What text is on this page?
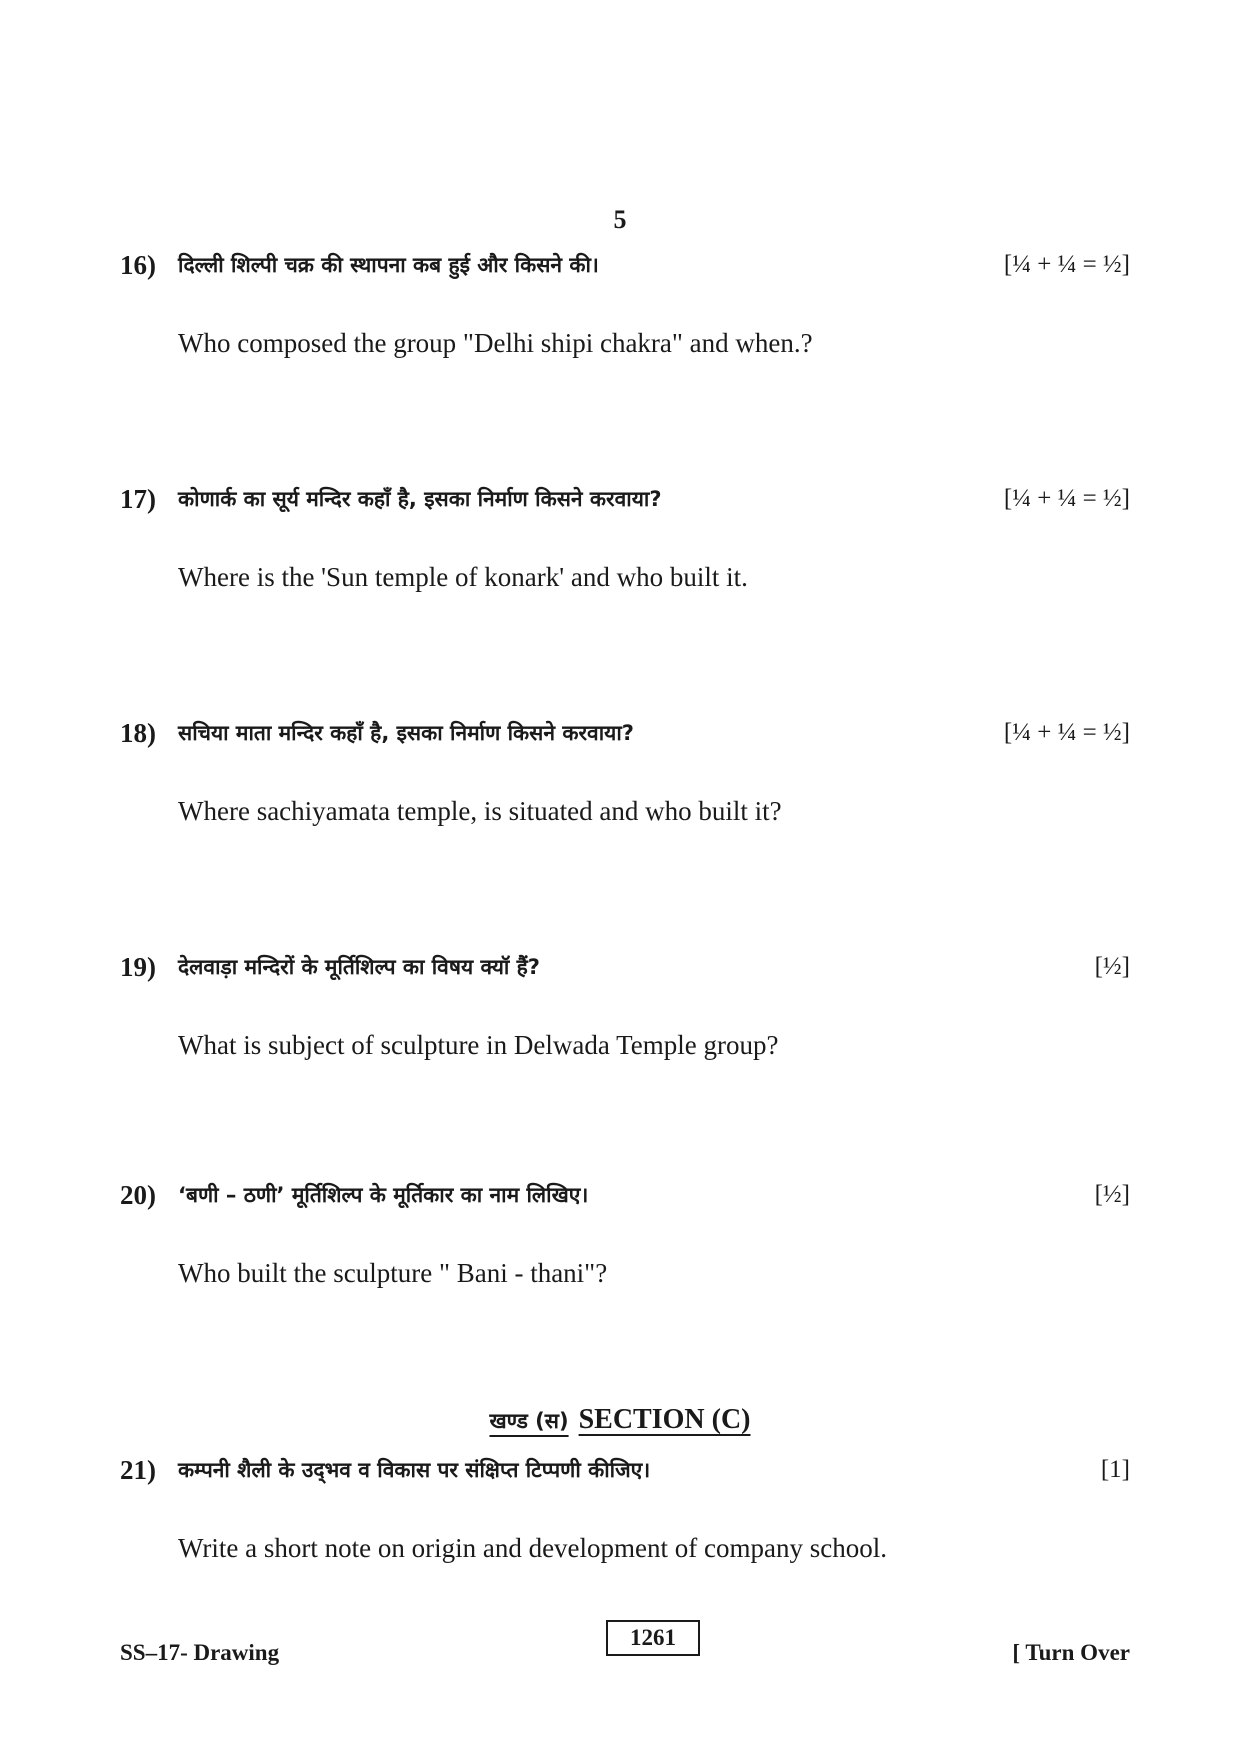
5
16) दिल्ली शिल्पी चक्र की स्थापना कब हुई और किसने की।	[¼ + ¼ = ½]
Who composed the group "Delhi shipi chakra" and when.?
17) कोणार्क का सूर्य मन्दिर कहाँ है, इसका निर्माण किसने करवाया?	[¼ + ¼ = ½]
Where is the 'Sun temple of konark' and who built it.
18) सचिया माता मन्दिर कहाँ है, इसका निर्माण किसने करवाया?	[¼ + ¼ = ½]
Where sachiyamata temple, is situated and who built it?
19) देलवाड़ा मन्दिरों के मूर्तिशिल्प का विषय क्यॉ हैं?	[½]
What is subject of sculpture in Delwada Temple group?
20) ‘बणी – ठणी’ मूर्तिशिल्प के मूर्तिकार का नाम लिखिए।	[½]
Who built the sculpture " Bani - thani"?
खण्ड (स) SECTION (C)
21) कम्पनी शैली के उद्‌भव व विकास पर संक्षिप्त टिप्पणी कीजिए।	[1]
Write a short note on origin and development of company school.
SS–17- Drawing
1261
[ Turn Over
